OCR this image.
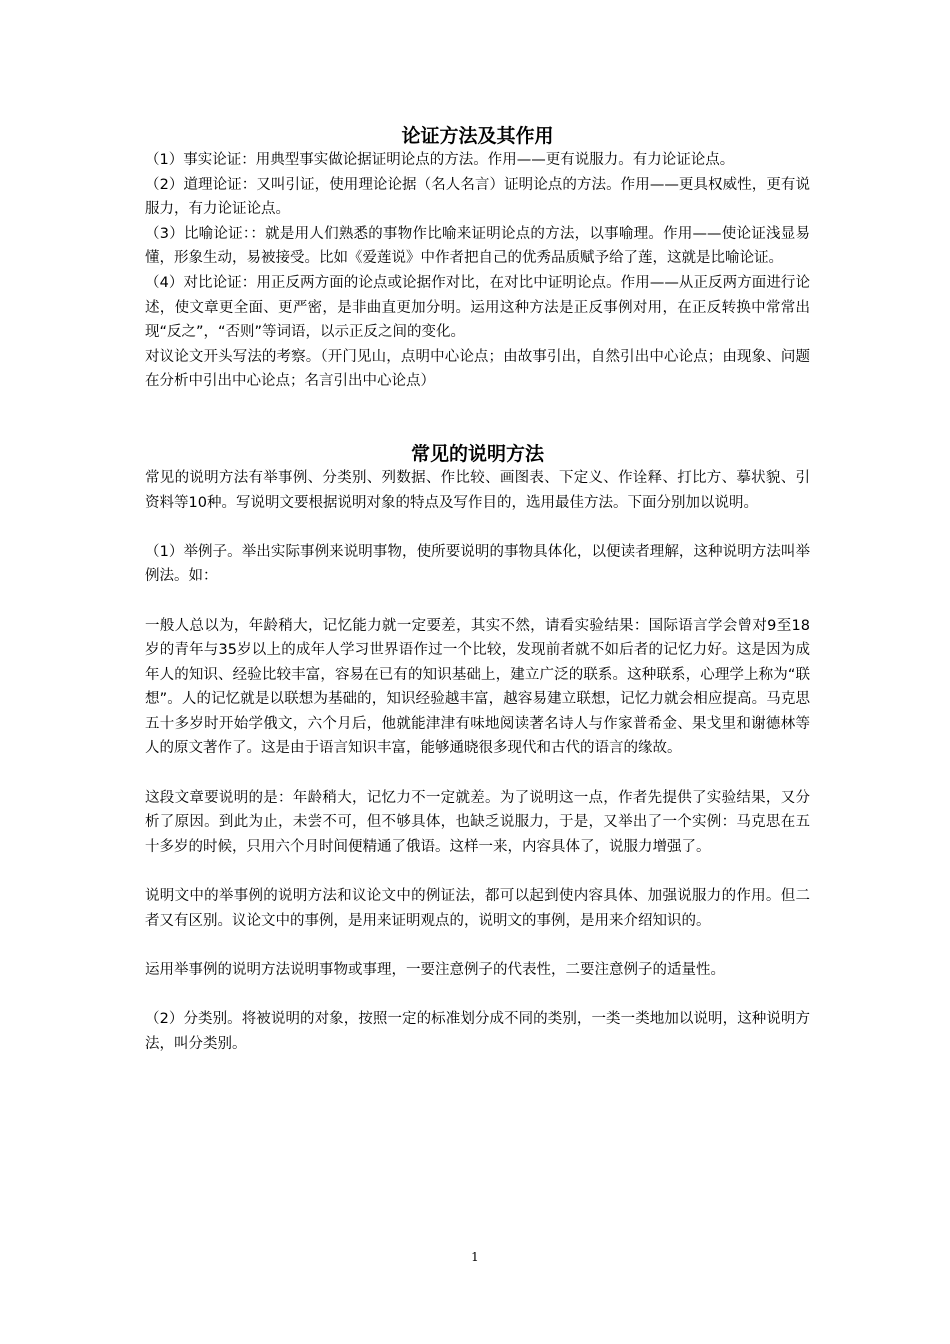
论证方法及其作用

（1）事实论证：用典型事实做论据证明论点的方法。作用——更有说服力。有力论证论点。

（2）道理论证：又叫引证，使用理论论据（名人名言）证明论点的方法。作用——更具权威性，更有说服力，有力论证论点。

（3）比喻论证：：就是用人们熟悉的事物作比喻来证明论点的方法，以事喻理。作用——使论证浅显易懂，形象生动，易被接受。比如《爱莲说》中作者把自己的优秀品质赋予给了莲，这就是比喻论证。

（4）对比论证：用正反两方面的论点或论据作对比，在对比中证明论点。作用——从正反两方面进行论述，使文章更全面、更严密，是非曲直更加分明。运用这种方法是正反事例对用，在正反转换中常常出现“反之”，“否则”等词语，以示正反之间的变化。

对议论文开头写法的考察。（开门见山，点明中心论点；由故事引出，自然引出中心论点；由现象、问题在分析中引出中心论点；名言引出中心论点）

常见的说明方法

常见的说明方法有举事例、分类别、列数据、作比较、画图表、下定义、作诠释、打比方、摹状貌、引资料等10种。写说明文要根据说明对象的特点及写作目的，选用最佳方法。下面分别加以说明。

（1）举例子。举出实际事例来说明事物，使所要说明的事物具体化，以便读者理解，这种说明方法叫举例法。如：

一般人总以为，年龄稍大，记忆能力就一定要差，其实不然，请看实验结果：国际语言学会曾对9至18岁的青年与35岁以上的成年人学习世界语作过一个比较，发现前者就不如后者的记忆力好。这是因为成年人的知识、经验比较丰富，容易在已有的知识基础上，建立广泛的联系。这种联系，心理学上称为“联想”。人的记忆就是以联想为基础的，知识经验越丰富，越容易建立联想，记忆力就会相应提高。马克思五十多岁时开始学俄文，六个月后，他就能津津有味地阅读著名诗人与作家普希金、果戈里和谢德林等人的原文著作了。这是由于语言知识丰富，能够通晓很多现代和古代的语言的缘故。

这段文章要说明的是：年龄稍大，记忆力不一定就差。为了说明这一点，作者先提供了实验结果，又分析了原因。到此为止，未尝不可，但不够具体，也缺乏说服力，于是，又举出了一个实例：马克思在五十多岁的时候，只用六个月时间便精通了俄语。这样一来，内容具体了，说服力增强了。

说明文中的举事例的说明方法和议论文中的例证法，都可以起到使内容具体、加强说服力的作用。但二者又有区别。议论文中的事例，是用来证明观点的，说明文的事例，是用来介绍知识的。

运用举事例的说明方法说明事物或事理，一要注意例子的代表性，二要注意例子的适量性。

（2）分类别。将被说明的对象，按照一定的标准划分成不同的类别，一类一类地加以说明，这种说明方法，叫分类别。

1
